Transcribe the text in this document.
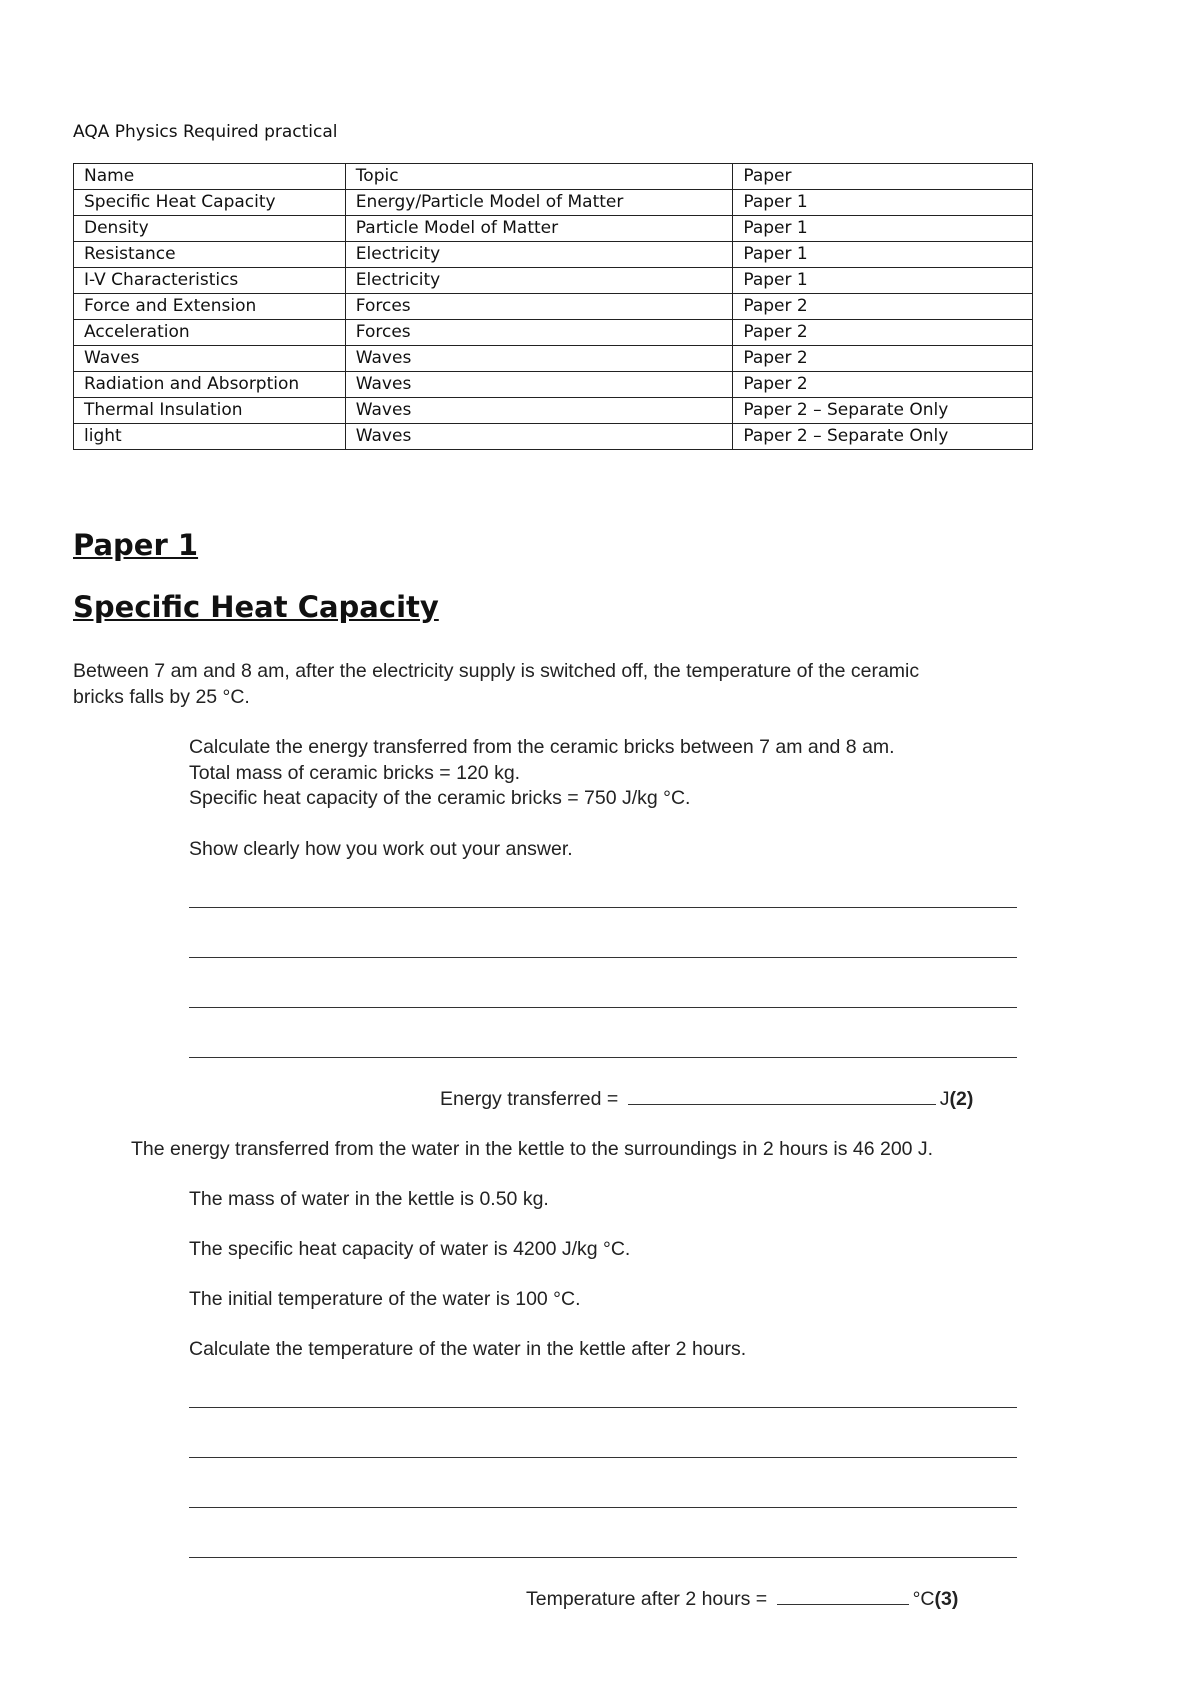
AQA Physics Required practical
Name	Topic	Paper
Specific Heat Capacity	Energy/Particle Model of Matter	Paper 1
Density	Particle Model of Matter	Paper 1
Resistance	Electricity	Paper 1
I-V Characteristics	Electricity	Paper 1
Force and Extension	Forces	Paper 2
Acceleration	Forces	Paper 2
Waves	Waves	Paper 2
Radiation and Absorption	Waves	Paper 2
Thermal Insulation	Waves	Paper 2 – Separate Only
light	Waves	Paper 2 – Separate Only
Paper 1
Specific Heat Capacity
Between 7 am and 8 am, after the electricity supply is switched off, the temperature of the ceramic
bricks falls by 25 °C.
Calculate the energy transferred from the ceramic bricks between 7 am and 8 am.
Total mass of ceramic bricks = 120 kg.
Specific heat capacity of the ceramic bricks = 750 J/kg °C.
Show clearly how you work out your answer.
Energy transferred =	J(2)
The energy transferred from the water in the kettle to the surroundings in 2 hours is 46 200 J.
The mass of water in the kettle is 0.50 kg.
The specific heat capacity of water is 4200 J/kg °C.
The initial temperature of the water is 100 °C.
Calculate the temperature of the water in the kettle after 2 hours.
Temperature after 2 hours =	°C(3)
